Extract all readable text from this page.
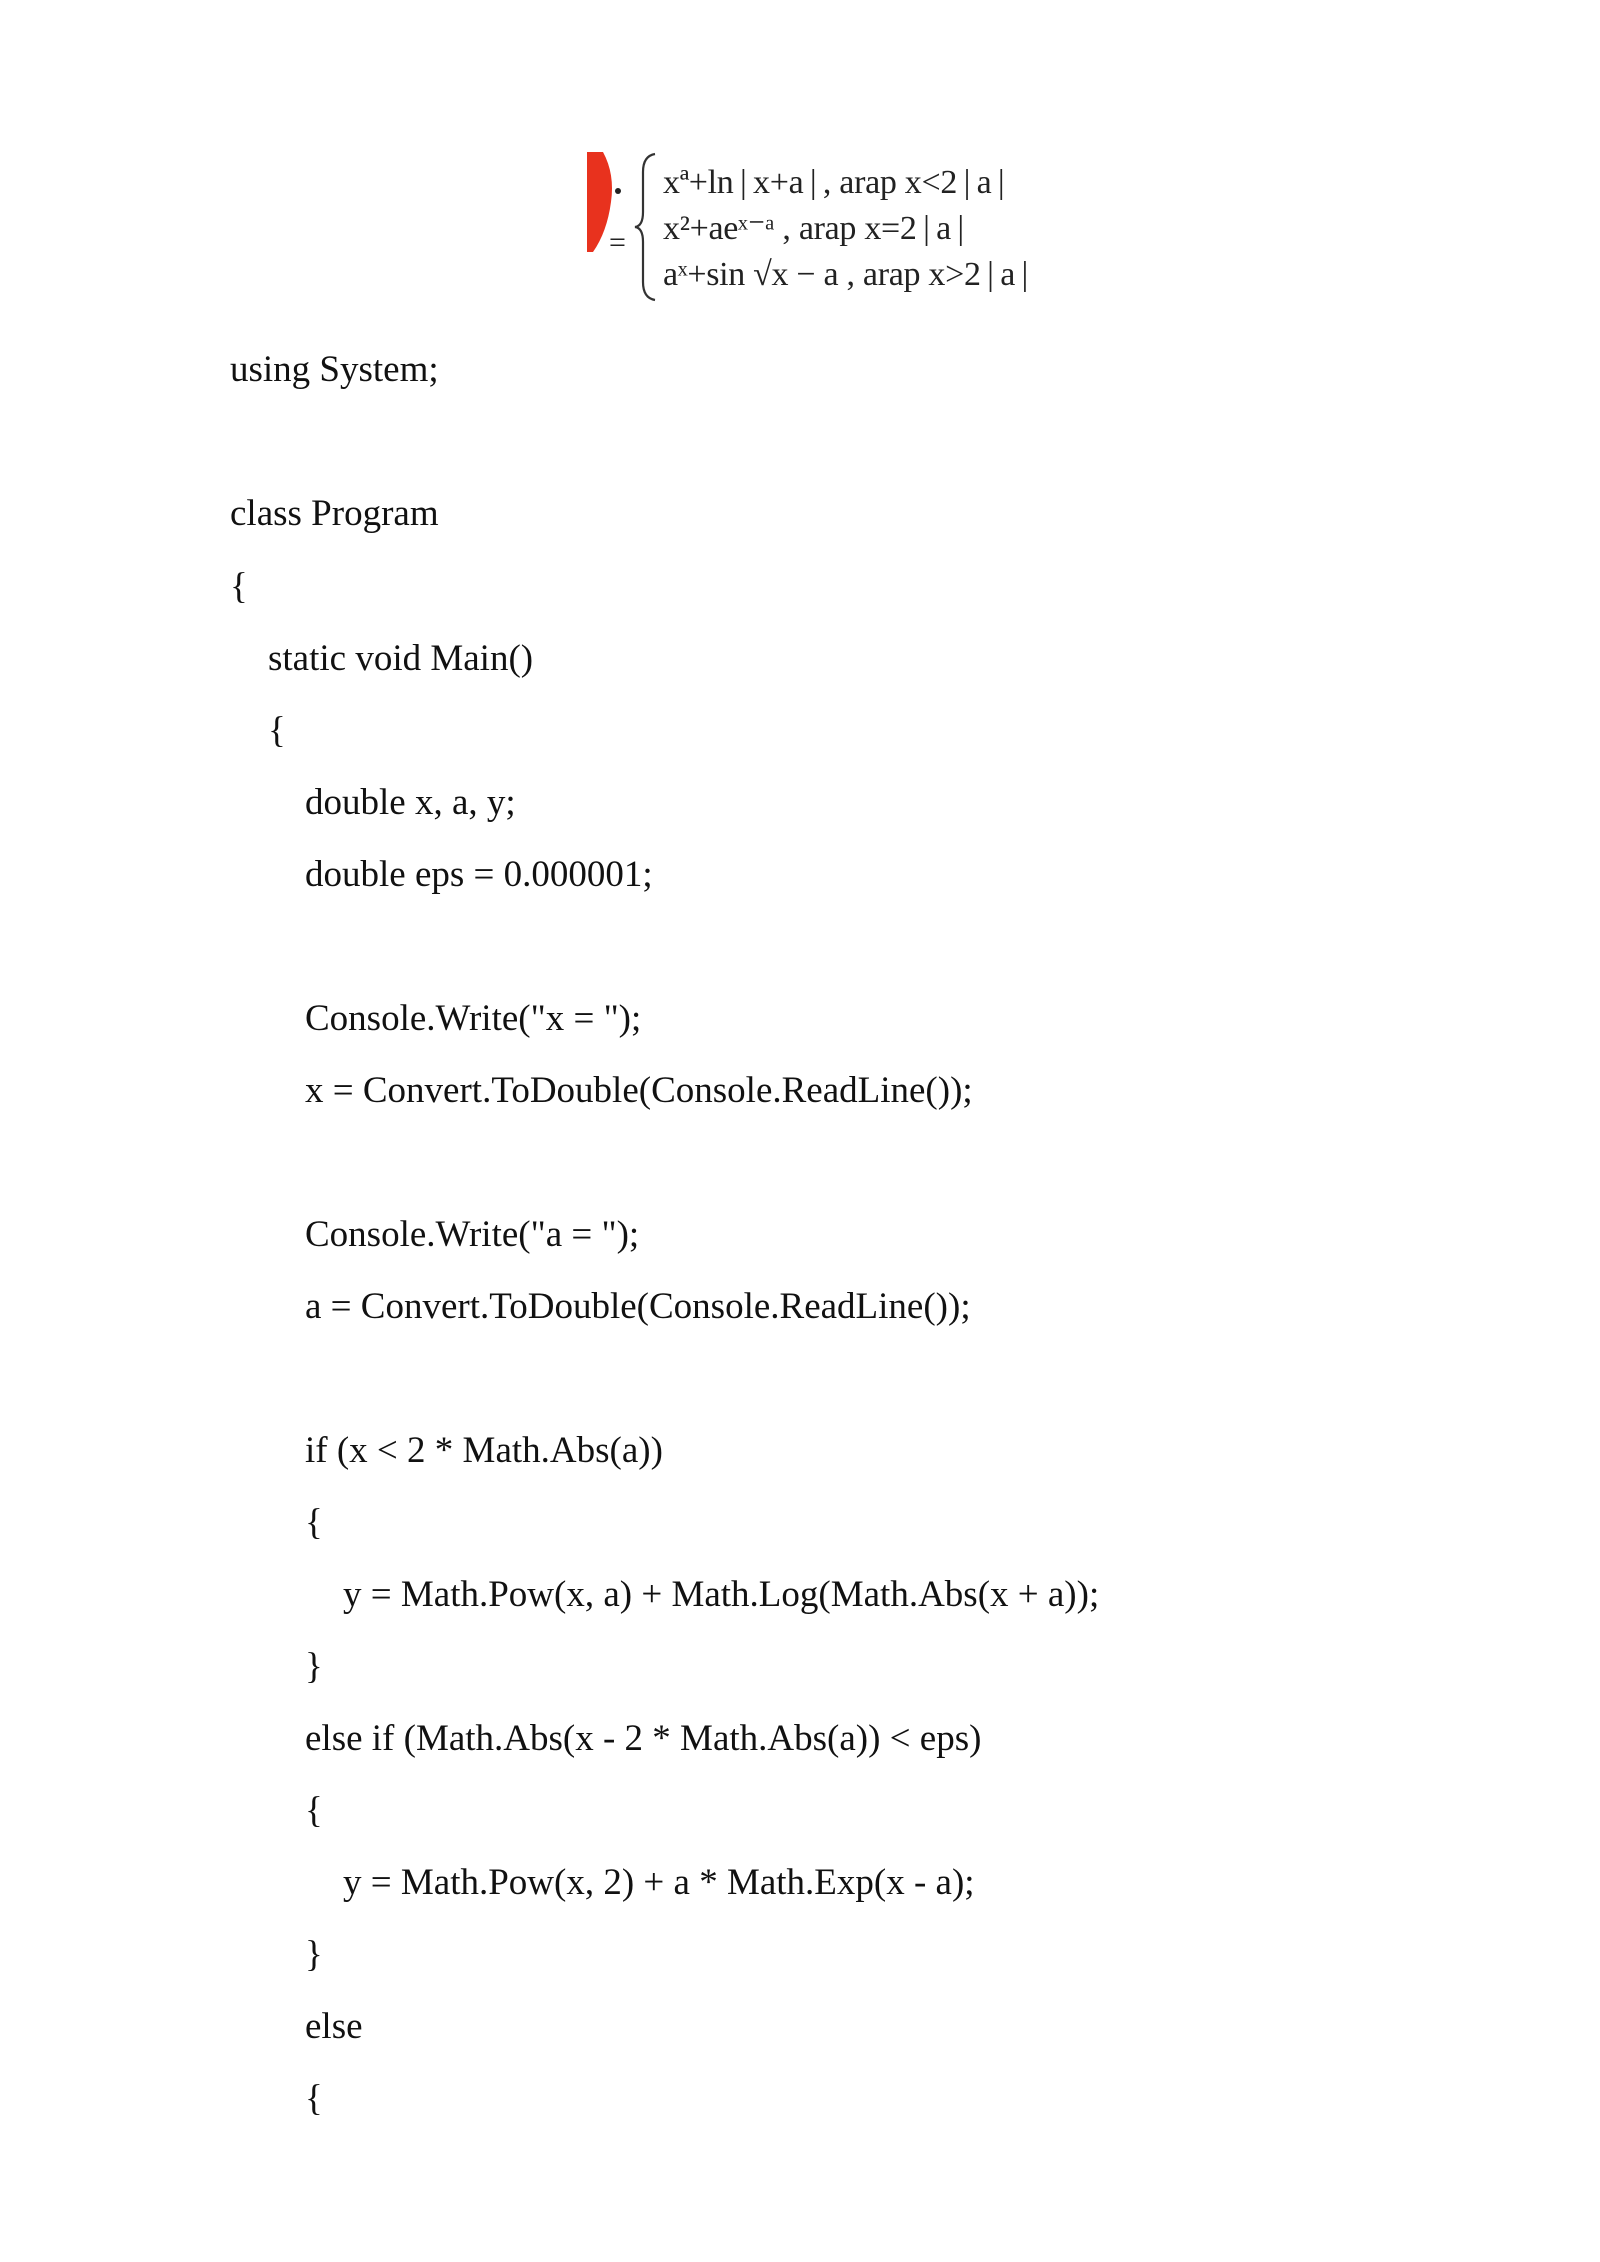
=
xª+ln | x+a | , arap x<2 | a |
x²+aeˣ⁻ᵃ , arap x=2 | a |
aˣ+sin √x − a , arap x>2 | a |
using System;
class Program
{
static void Main()
{
double x, a, y;
double eps = 0.000001;
Console.Write("x = ");
x = Convert.ToDouble(Console.ReadLine());
Console.Write("a = ");
a = Convert.ToDouble(Console.ReadLine());
if (x < 2 * Math.Abs(a))
{
y = Math.Pow(x, a) + Math.Log(Math.Abs(x + a));
}
else if (Math.Abs(x - 2 * Math.Abs(a)) < eps)
{
y = Math.Pow(x, 2) + a * Math.Exp(x - a);
}
else
{
